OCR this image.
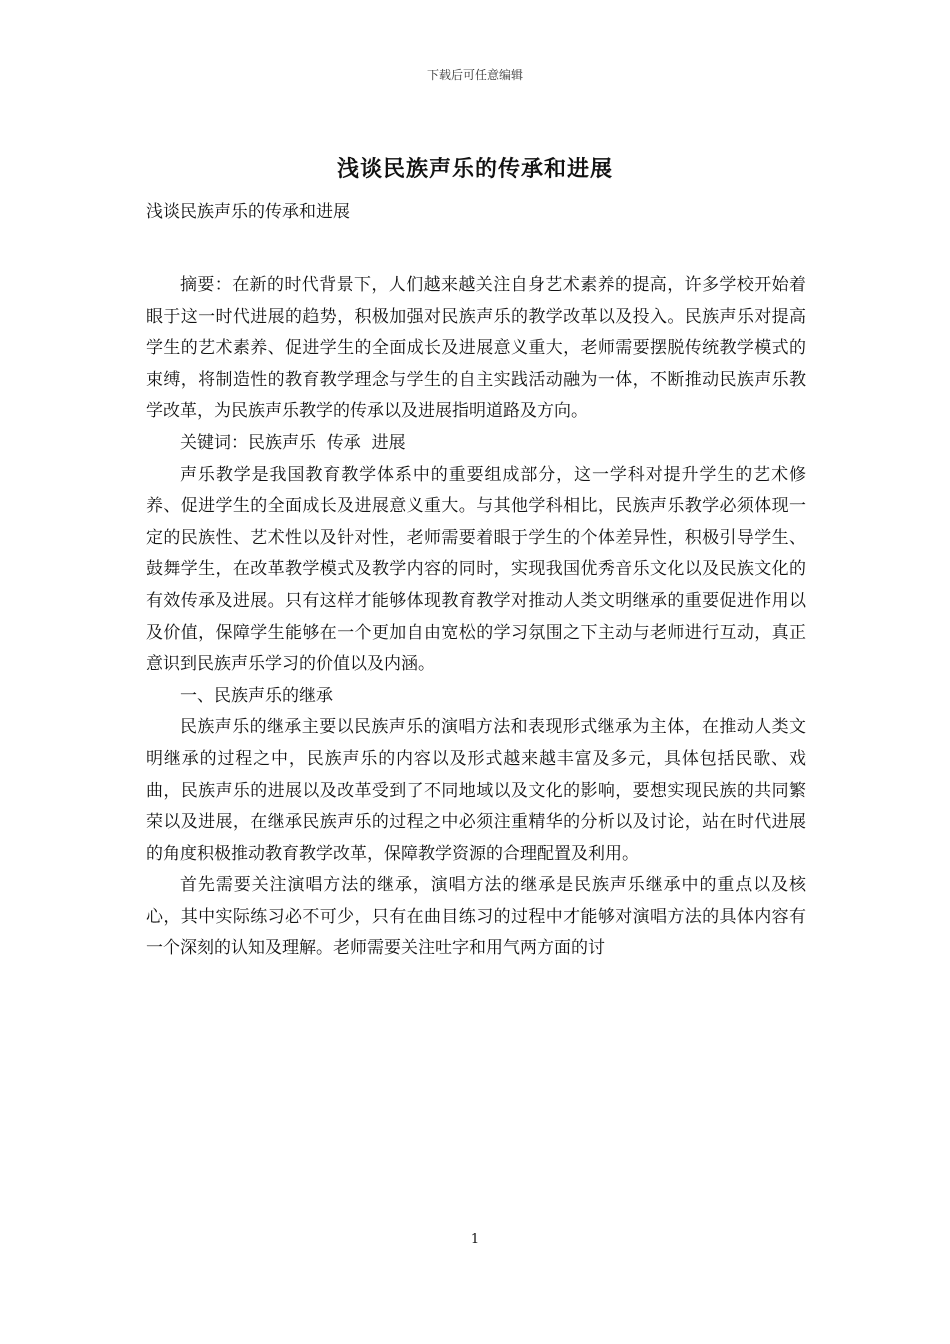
下载后可任意编辑
浅谈民族声乐的传承和进展
浅谈民族声乐的传承和进展

摘要：在新的时代背景下，人们越来越关注自身艺术素养的提高，许多学校开始着眼于这一时代进展的趋势，积极加强对民族声乐的教学改革以及投入。民族声乐对提高学生的艺术素养、促进学生的全面成长及进展意义重大，老师需要摆脱传统教学模式的束缚，将制造性的教育教学理念与学生的自主实践活动融为一体，不断推动民族声乐教学改革，为民族声乐教学的传承以及进展指明道路及方向。

关键词：民族声乐  传承  进展

声乐教学是我国教育教学体系中的重要组成部分，这一学科对提升学生的艺术修养、促进学生的全面成长及进展意义重大。与其他学科相比，民族声乐教学必须体现一定的民族性、艺术性以及针对性，老师需要着眼于学生的个体差异性，积极引导学生、鼓舞学生，在改革教学模式及教学内容的同时，实现我国优秀音乐文化以及民族文化的有效传承及进展。只有这样才能够体现教育教学对推动人类文明继承的重要促进作用以及价值，保障学生能够在一个更加自由宽松的学习氛围之下主动与老师进行互动，真正意识到民族声乐学习的价值以及内涵。

一、民族声乐的继承

民族声乐的继承主要以民族声乐的演唱方法和表现形式继承为主体，在推动人类文明继承的过程之中，民族声乐的内容以及形式越来越丰富及多元，具体包括民歌、戏曲，民族声乐的进展以及改革受到了不同地域以及文化的影响，要想实现民族的共同繁荣以及进展，在继承民族声乐的过程之中必须注重精华的分析以及讨论，站在时代进展的角度积极推动教育教学改革，保障教学资源的合理配置及利用。

首先需要关注演唱方法的继承，演唱方法的继承是民族声乐继承中的重点以及核心，其中实际练习必不可少，只有在曲目练习的过程中才能够对演唱方法的具体内容有一个深刻的认知及理解。老师需要关注吐字和用气两方面的讨

1
